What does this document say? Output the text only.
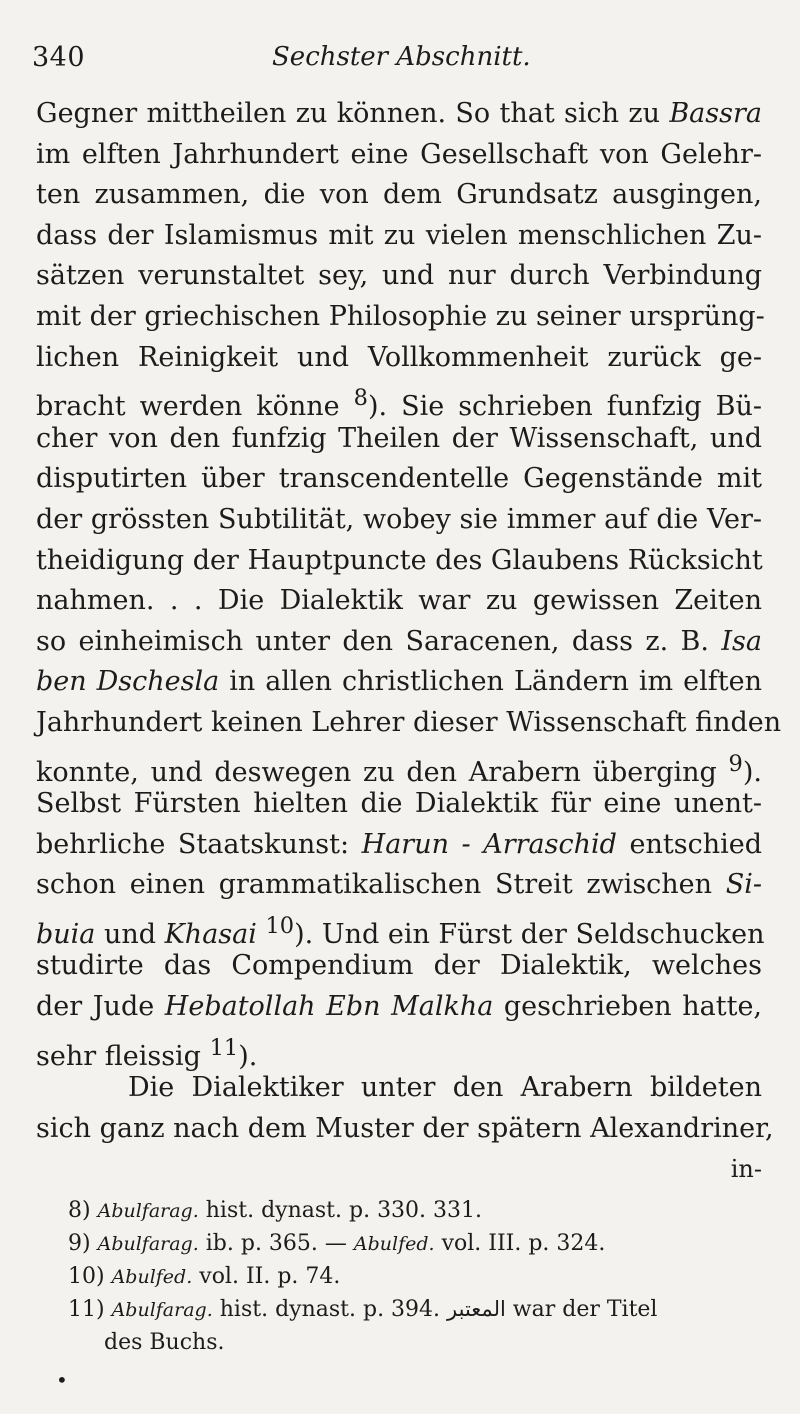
340	Sechster Abschnitt.
Gegner mittheilen zu können. So that sich zu Bassra
im elften Jahrhundert eine Gesellschaft von Gelehr-
ten zusammen, die von dem Grundsatz ausgingen,
dass der Islamismus mit zu vielen menschlichen Zu-
sätzen verunstaltet sey, und nur durch Verbindung
mit der griechischen Philosophie zu seiner ursprüng-
lichen Reinigkeit und Vollkommenheit zurück ge-
bracht werden könne $^8$). Sie schrieben funfzig Bü-
cher von den funfzig Theilen der Wissenschaft, und
disputirten über transcendentelle Gegenstände mit
der grössten Subtilität, wobey sie immer auf die Ver-
theidigung der Hauptpuncte des Glaubens Rücksicht
nahmen. . . Die Dialektik war zu gewissen Zeiten
so einheimisch unter den Saracenen, dass z. B. Isa
ben Dschesla in allen christlichen Ländern im elften
Jahrhundert keinen Lehrer dieser Wissenschaft finden
konnte, und deswegen zu den Arabern überging $^9$).
Selbst Fürsten hielten die Dialektik für eine unent-
behrliche Staatskunst: Harun - Arraschid entschied
schon einen grammatikalischen Streit zwischen Si-
buia und Khasai $^{10}$). Und ein Fürst der Seldschucken
studirte das Compendium der Dialektik, welches
der Jude Hebatollah Ebn Malkha geschrieben hatte,
sehr fleissig $^{11}$).
Die Dialektiker unter den Arabern bildeten
sich ganz nach dem Muster der spätern Alexandriner,
in-
8) Abulfarag. hist. dynast. p. 330. 331.
9) Abulfarag. ib. p. 365. — Abulfed. vol. III. p. 324.
10) Abulfed. vol. II. p. 74.
11) Abulfarag. hist. dynast. p. 394. المعتبر war der Titel
des Buchs.
•
